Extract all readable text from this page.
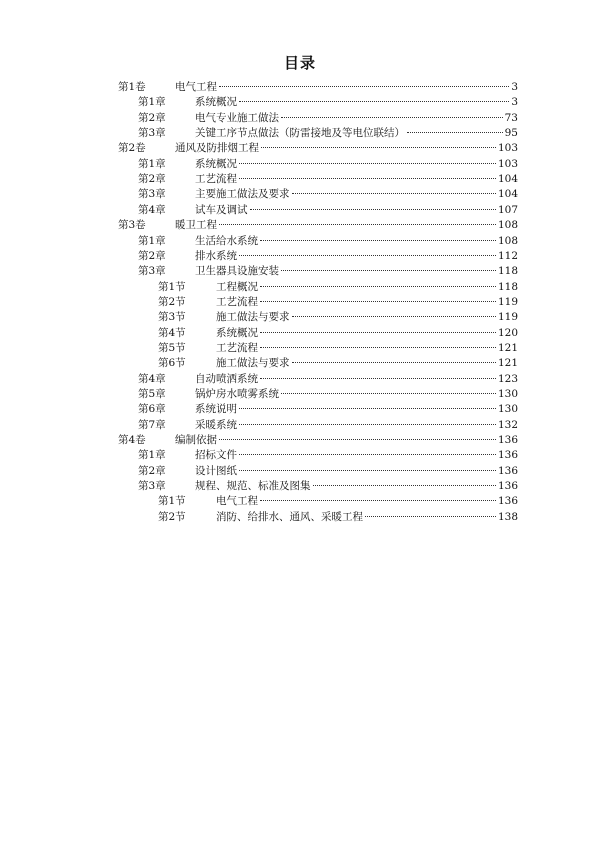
目录
第1卷	电气工程	3
第1章	系统概况	3
第2章	电气专业施工做法	73
第3章	关键工序节点做法（防雷接地及等电位联结）	95
第2卷	通风及防排烟工程	103
第1章	系统概况	103
第2章	工艺流程	104
第3章	主要施工做法及要求	104
第4章	试车及调试	107
第3卷	暖卫工程	108
第1章	生活给水系统	108
第2章	排水系统	112
第3章	卫生器具设施安装	118
第1节	工程概况	118
第2节	工艺流程	119
第3节	施工做法与要求	119
第4节	系统概况	120
第5节	工艺流程	121
第6节	施工做法与要求	121
第4章	自动喷洒系统	123
第5章	锅炉房水喷雾系统	130
第6章	系统说明	130
第7章	采暖系统	132
第4卷	编制依据	136
第1章	招标文件	136
第2章	设计图纸	136
第3章	规程、规范、标准及图集	136
第1节	电气工程	136
第2节	消防、给排水、通风、采暖工程	138
